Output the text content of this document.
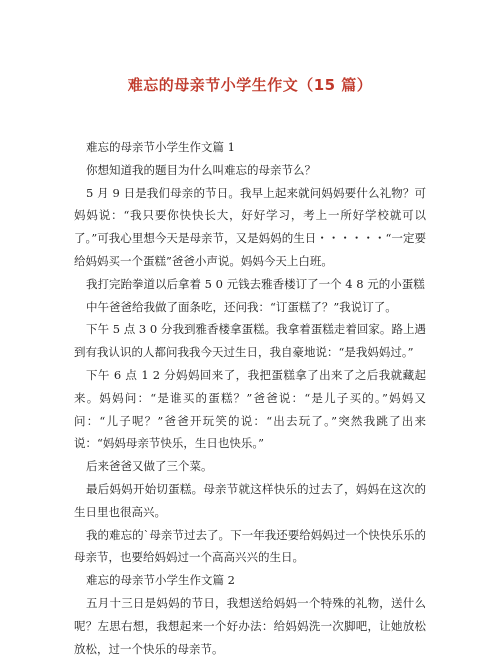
难忘的母亲节小学生作文（15 篇）

难忘的母亲节小学生作文篇 1

你想知道我的题目为什么叫难忘的母亲节么？

5 月 9 日是我们母亲的节日。我早上起来就问妈妈要什么礼物？可妈妈说：“我只要你快快长大，好好学习，考上一所好学校就可以了。”可我心里想今天是母亲节，又是妈妈的生日・・・・・・“一定要给妈妈买一个蛋糕”爸爸小声说。妈妈今天上白班。

我打完跆拳道以后拿着 5 0 元钱去雅香楼订了一个 4 8 元的小蛋糕

中午爸爸给我做了面条吃，还问我：“订蛋糕了？”我说订了。

下午 5 点 3 0 分我到雅香楼拿蛋糕。我拿着蛋糕走着回家。路上遇到有我认识的人都问我我今天过生日，我自豪地说：“是我妈妈过。”

下午 6 点 1 2 分妈妈回来了，我把蛋糕拿了出来了之后我就藏起来。妈妈问：“是谁买的蛋糕？”爸爸说：“是儿子买的。”妈妈又问：“儿子呢？”爸爸开玩笑的说：“出去玩了。”突然我跳了出来说：“妈妈母亲节快乐，生日也快乐。”

后来爸爸又做了三个菜。

最后妈妈开始切蛋糕。母亲节就这样快乐的过去了，妈妈在这次的生日里也很高兴。

我的难忘的`母亲节过去了。下一年我还要给妈妈过一个快快乐乐的母亲节，也要给妈妈过一个高高兴兴的生日。

难忘的母亲节小学生作文篇 2

五月十三日是妈妈的节日，我想送给妈妈一个特殊的礼物，送什么呢？左思右想，我想起来一个好办法：给妈妈洗一次脚吧，让她放松放松，过一个快乐的母亲节。
